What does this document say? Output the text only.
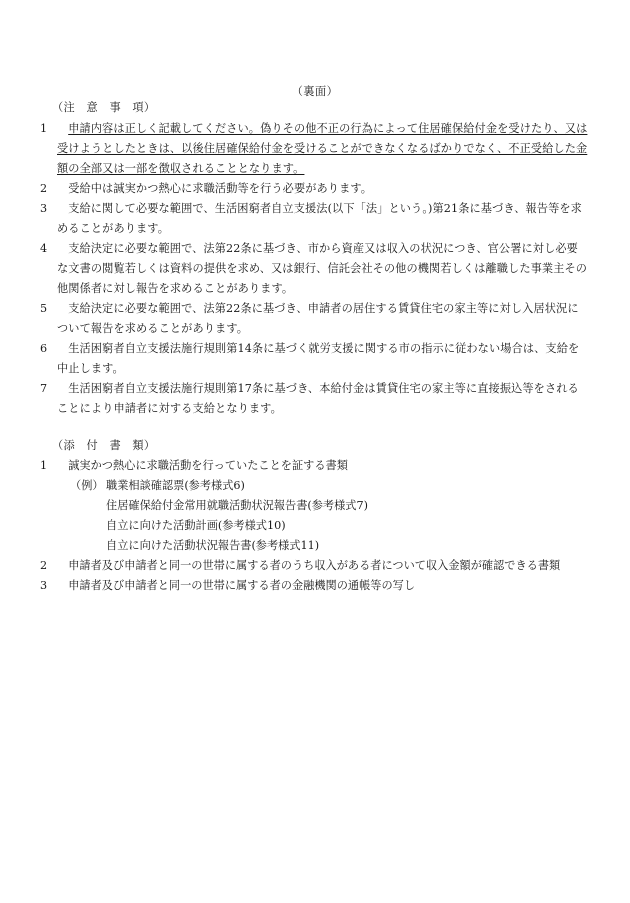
（裏面）
（注　意　事　項）
1	申請内容は正しく記載してください。偽りその他不正の行為によって住居確保給付金を受けたり、又は受けようとしたときは、以後住居確保給付金を受けることができなくなるばかりでなく、不正受給した金額の全部又は一部を徴収されることとなります。
2	受給中は誠実かつ熱心に求職活動等を行う必要があります。
3	支給に関して必要な範囲で、生活困窮者自立支援法(以下「法」という。)第21条に基づき、報告等を求めることがあります。
4	支給決定に必要な範囲で、法第22条に基づき、市から資産又は収入の状況につき、官公署に対し必要な文書の閲覧若しくは資料の提供を求め、又は銀行、信託会社その他の機関若しくは離職した事業主その他関係者に対し報告を求めることがあります。
5	支給決定に必要な範囲で、法第22条に基づき、申請者の居住する賃貸住宅の家主等に対し入居状況について報告を求めることがあります。
6	生活困窮者自立支援法施行規則第14条に基づく就労支援に関する市の指示に従わない場合は、支給を中止します。
7	生活困窮者自立支援法施行規則第17条に基づき、本給付金は賃貸住宅の家主等に直接振込等をされることにより申請者に対する支給となります。
（添　付　書　類）
1 誠実かつ熱心に求職活動を行っていたことを証する書類
（例） 職業相談確認票(参考様式6)
住居確保給付金常用就職活動状況報告書(参考様式7)
自立に向けた活動計画(参考様式10)
自立に向けた活動状況報告書(参考様式11)
2 申請者及び申請者と同一の世帯に属する者のうち収入がある者について収入金額が確認できる書類
3 申請者及び申請者と同一の世帯に属する者の金融機関の通帳等の写し
